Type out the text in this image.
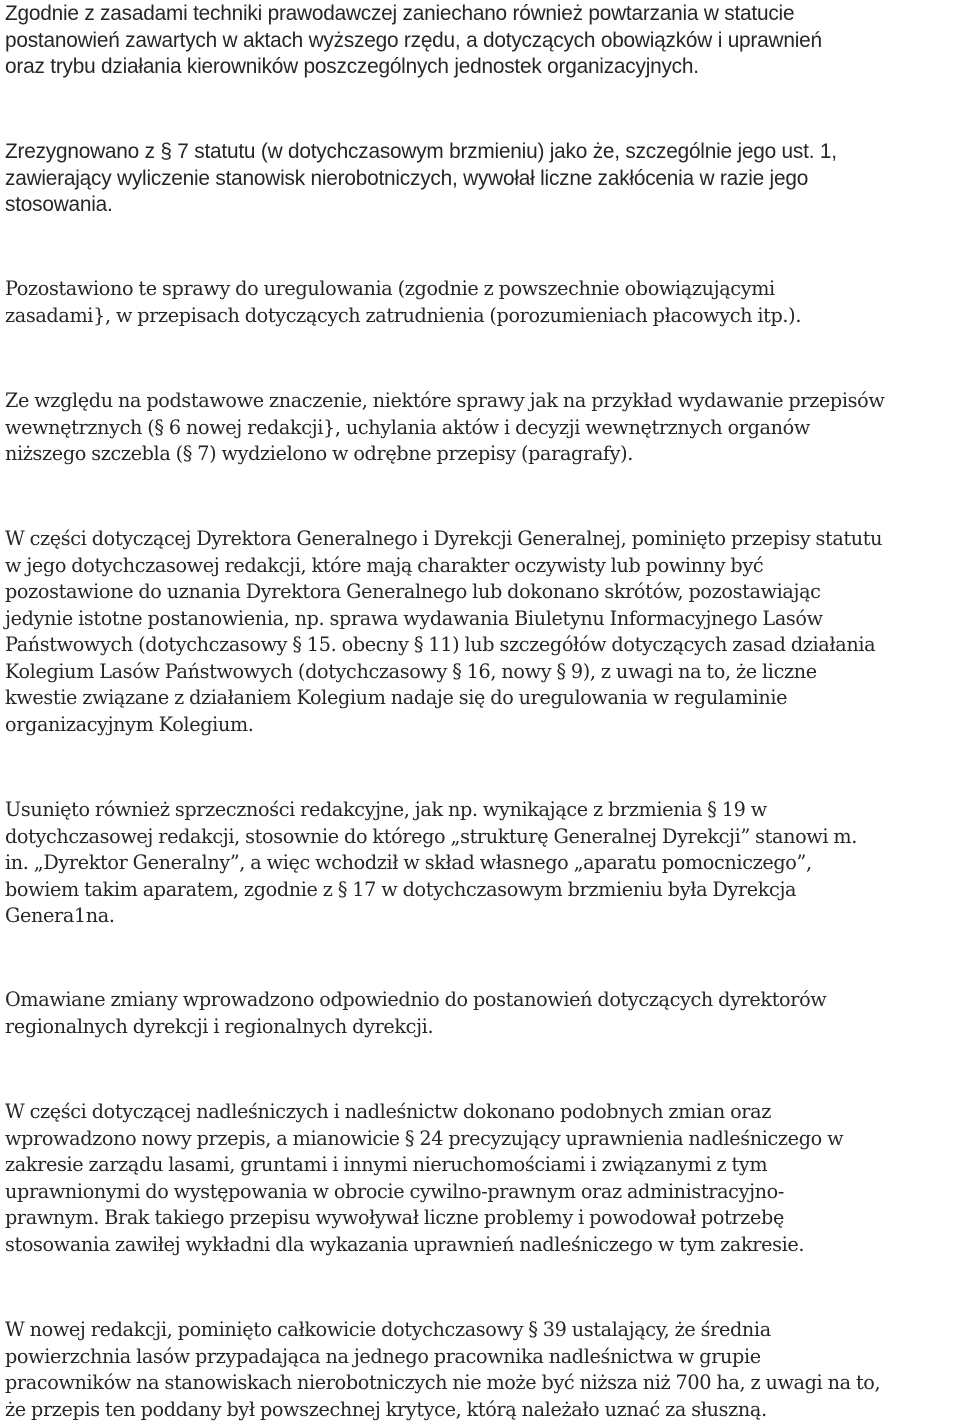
Zgodnie z zasadami techniki prawodawczej zaniechano również powtarzania w statucie
postanowień zawartych w aktach wyższego rzędu, a dotyczących obowiązków i uprawnień
oraz trybu działania kierowników poszczególnych jednostek organizacyjnych.

Zrezygnowano z § 7 statutu (w dotychczasowym brzmieniu) jako że, szczególnie jego ust. 1,
zawierający wyliczenie stanowisk nierobotniczych, wywołał liczne zakłócenia w razie jego
stosowania.

Pozostawiono te sprawy do uregulowania (zgodnie z powszechnie obowiązującymi
zasadami}, w przepisach dotyczących zatrudnienia (porozumieniach płacowych itp.).

Ze względu na podstawowe znaczenie, niektóre sprawy jak na przykład wydawanie przepisów
wewnętrznych (§ 6 nowej redakcji}, uchylania aktów i decyzji wewnętrznych organów
niższego szczebla (§ 7) wydzielono w odrębne przepisy (paragrafy).

W części dotyczącej Dyrektora Generalnego i Dyrekcji Generalnej, pominięto przepisy statutu
w jego dotychczasowej redakcji, które mają charakter oczywisty lub powinny być
pozostawione do uznania Dyrektora Generalnego lub dokonano skrótów, pozostawiając
jedynie istotne postanowienia, np. sprawa wydawania Biuletynu Informacyjnego Lasów
Państwowych (dotychczasowy § 15. obecny § 11) lub szczegółów dotyczących zasad działania
Kolegium Lasów Państwowych (dotychczasowy § 16, nowy § 9), z uwagi na to, że liczne
kwestie związane z działaniem Kolegium nadaje się do uregulowania w regulaminie
organizacyjnym Kolegium.

Usunięto również sprzeczności redakcyjne, jak np. wynikające z brzmienia § 19 w
dotychczasowej redakcji, stosownie do którego „strukturę Generalnej Dyrekcji” stanowi m.
in. „Dyrektor Generalny”, a więc wchodził w skład własnego „aparatu pomocniczego”,
bowiem takim aparatem, zgodnie z § 17 w dotychczasowym brzmieniu była Dyrekcja
Genera1na.

Omawiane zmiany wprowadzono odpowiednio do postanowień dotyczących dyrektorów
regionalnych dyrekcji i regionalnych dyrekcji.

W części dotyczącej nadleśniczych i nadleśnictw dokonano podobnych zmian oraz
wprowadzono nowy przepis, a mianowicie § 24 precyzujący uprawnienia nadleśniczego w
zakresie zarządu lasami, gruntami i innymi nieruchomościami i związanymi z tym
uprawnionymi do występowania w obrocie cywilno-prawnym oraz administracyjno-
prawnym. Brak takiego przepisu wywoływał liczne problemy i powodował potrzebę
stosowania zawiłej wykładni dla wykazania uprawnień nadleśniczego w tym zakresie.

W nowej redakcji, pominięto całkowicie dotychczasowy § 39 ustalający, że średnia
powierzchnia lasów przypadająca na jednego pracownika nadleśnictwa w grupie
pracowników na stanowiskach nierobotniczych nie może być niższa niż 700 ha, z uwagi na to,
że przepis ten poddany był powszechnej krytyce, którą należało uznać za słuszną.
